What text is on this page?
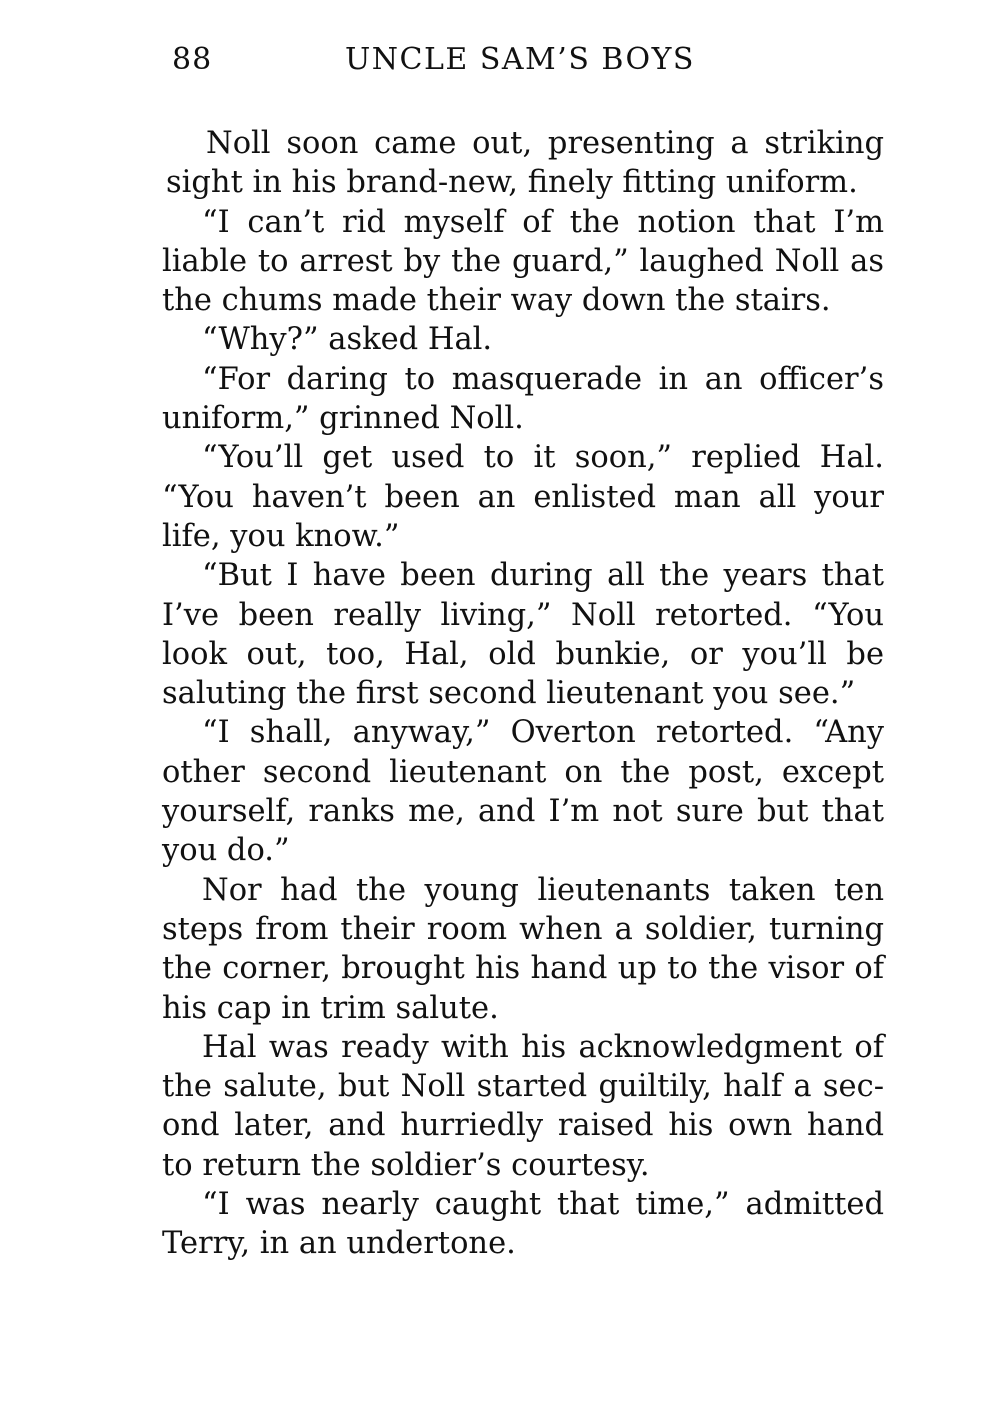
88	UNCLE SAM’S BOYS

Noll soon came out, presenting a striking sight in his brand-new, finely fitting uniform.

“I can’t rid myself of the notion that I’m liable to arrest by the guard,” laughed Noll as the chums made their way down the stairs.

“Why?” asked Hal.

“For daring to masquerade in an officer’s uniform,” grinned Noll.

“You’ll get used to it soon,” replied Hal. “You haven’t been an enlisted man all your life, you know.”

“But I have been during all the years that I’ve been really living,” Noll retorted. “You look out, too, Hal, old bunkie, or you’ll be saluting the first second lieutenant you see.”

“I shall, anyway,” Overton retorted. “Any other second lieutenant on the post, except yourself, ranks me, and I’m not sure but that you do.”

Nor had the young lieutenants taken ten steps from their room when a soldier, turning the corner, brought his hand up to the visor of his cap in trim salute.

Hal was ready with his acknowledgment of the salute, but Noll started guiltily, half a second later, and hurriedly raised his own hand to return the soldier’s courtesy.

“I was nearly caught that time,” admitted Terry, in an undertone.
